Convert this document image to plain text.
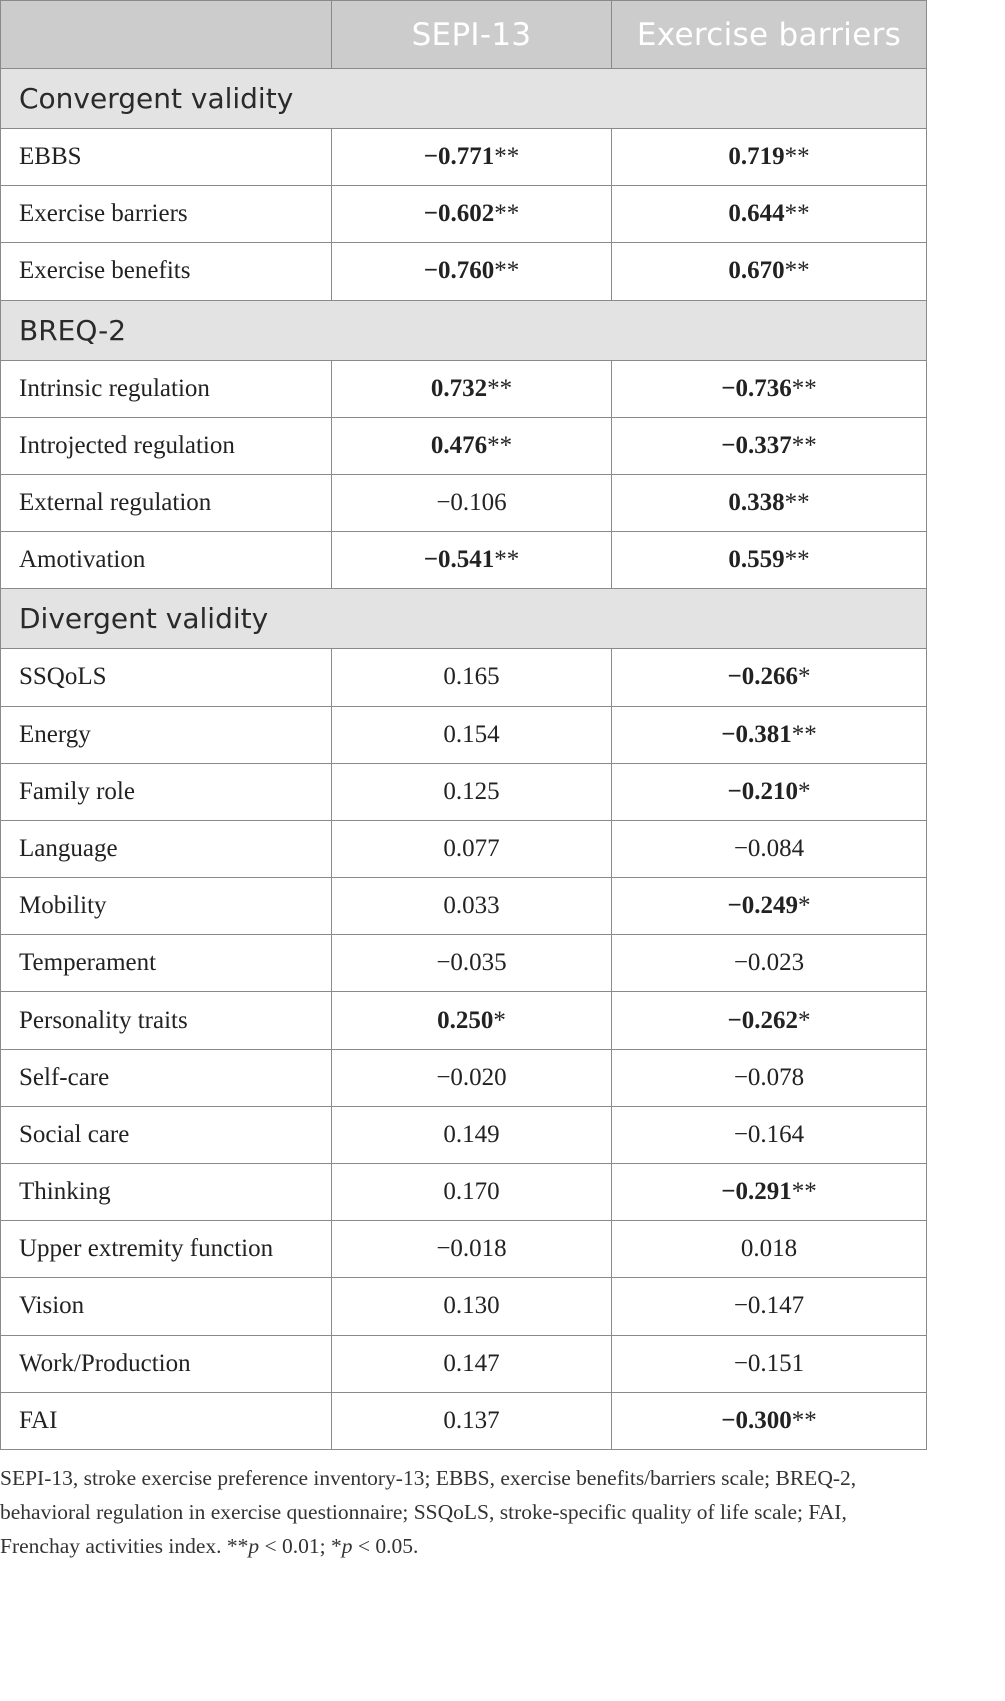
	SEPI-13	Exercise barriers
Convergent validity		
EBBS	−0.771**	0.719**
Exercise barriers	−0.602**	0.644**
Exercise benefits	−0.760**	0.670**
BREQ-2		
Intrinsic regulation	0.732**	−0.736**
Introjected regulation	0.476**	−0.337**
External regulation	−0.106	0.338**
Amotivation	−0.541**	0.559**
Divergent validity		
SSQoLS	0.165	−0.266*
Energy	0.154	−0.381**
Family role	0.125	−0.210*
Language	0.077	−0.084
Mobility	0.033	−0.249*
Temperament	−0.035	−0.023
Personality traits	0.250*	−0.262*
Self-care	−0.020	−0.078
Social care	0.149	−0.164
Thinking	0.170	−0.291**
Upper extremity function	−0.018	0.018
Vision	0.130	−0.147
Work/Production	0.147	−0.151
FAI	0.137	−0.300**

SEPI-13, stroke exercise preference inventory-13; EBBS, exercise benefits/barriers scale; BREQ-2, behavioral regulation in exercise questionnaire; SSQoLS, stroke-specific quality of life scale; FAI, Frenchay activities index. **p < 0.01; *p < 0.05.
